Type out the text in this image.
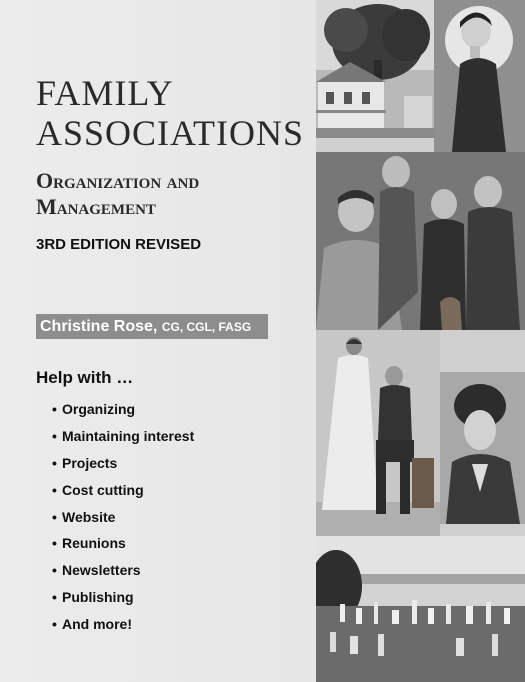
FAMILY
ASSOCIATIONS
Organization and
Management
3RD EDITION REVISED
Christine Rose, CG, CGL, FASG
Help with …
• Organizing
• Maintaining interest
• Projects
• Cost cutting
• Website
• Reunions
• Newsletters
• Publishing
• And more!
